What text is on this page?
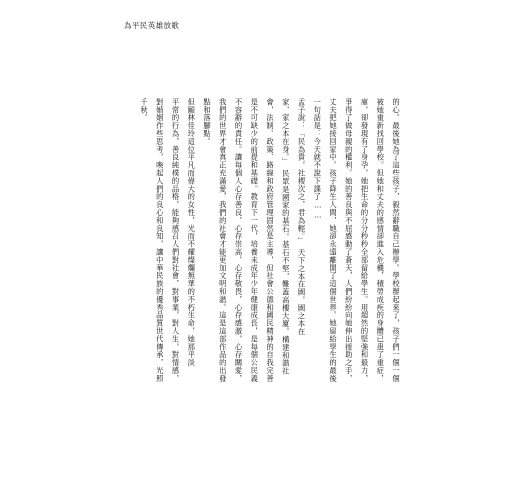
為平民英雄放歌
的心。最後她為了這些孩子，毅然辭職自己辦學。學校辦起來了，孩子們一個一個
被她重新找回學校。但她和丈夫的感情卻進入危機，積勞成疾的身體已患了重症，
庫，卻發現有了身孕，她把生命的分分秒秒全部留給學生。用超然的堅強和毅力，
爭得了做母親的權利。她的善良與不屈感動了蒼天，人們紛紛向她伸出援助之手，
丈夫把她接回家中。孩子降生人間，她卻永遠離開了這個世界。她留給學生的最後
一句話是：今天就不說下課了……
孟子說：「民為貴，社稷次之，君為輕。」　天下之本在國，國之本在
家，家之本在身。」　民眾是國家的基石。基石不堅，難蓋高樓大廈。構建和諧社
會，法制、政策、路線和政府管理固然是主導，但社會公德和國民精神的自我完善
是不可缺少的前提和基礎。教育下一代，培養未成年少年健康成長，是每個公民義
不容辭的責任。讓每個人心存善良，心存崇高，心存敬畏，心存感激，心存關愛，
我們的世界才會真正充滿愛，我們的社會才能更加文明和諧。這是這部作品的出發
點和落腳點。
但願林佳玲這位平凡而偉大的女性，光而不耀燦爛無華的不朽生命，她那平淡
平常的行為，善良純樸的品格，能夠感召人們對社會，對事業，對人生，對情感，
對婚姻作些思考，喚起人們的良心和良知，讓中華民族的優秀品質世代傳承，光照
千秋。
